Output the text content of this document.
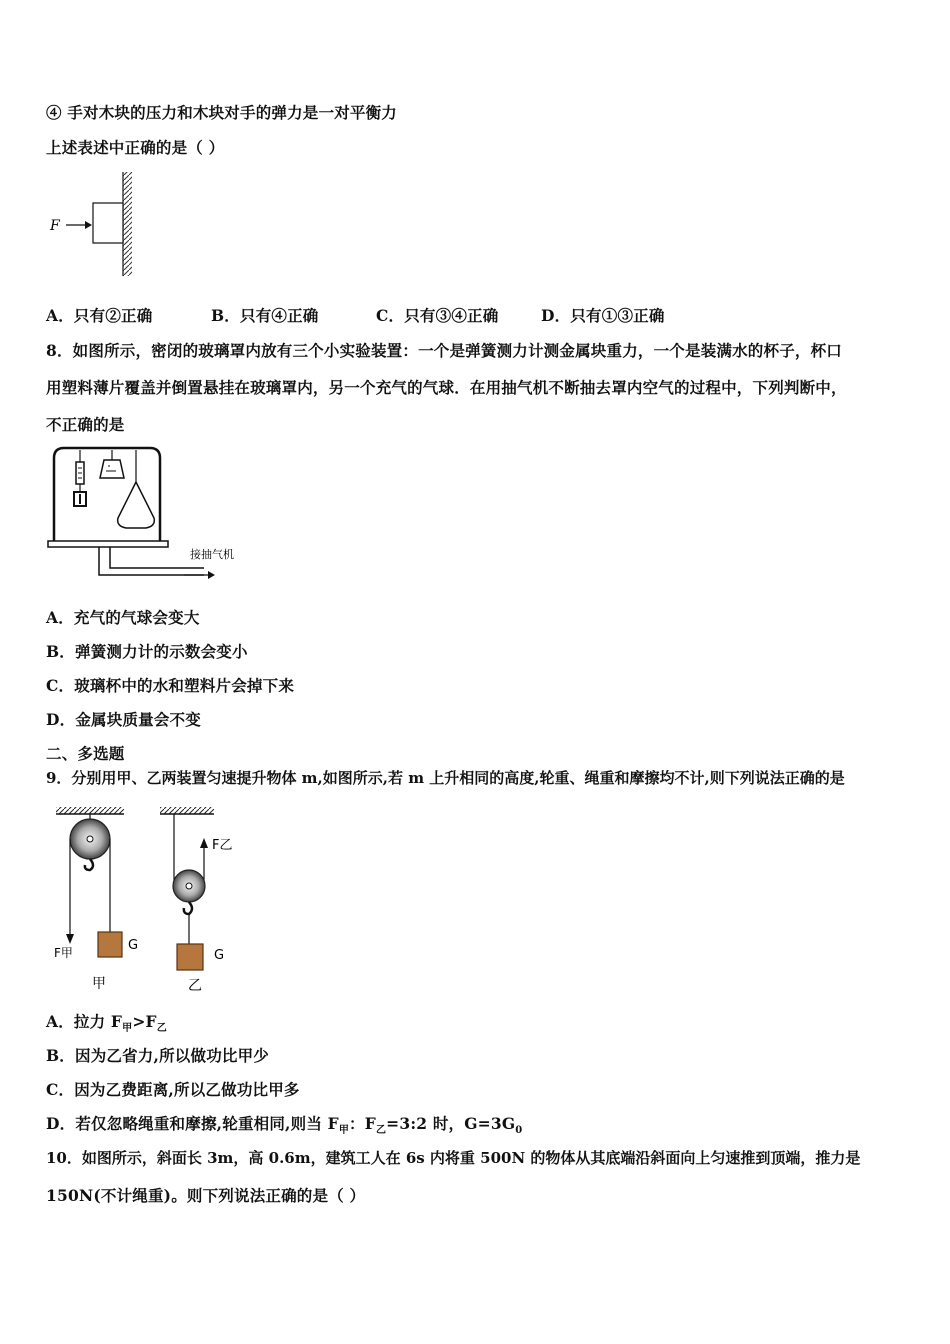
④ 手对木块的压力和木块对手的弹力是一对平衡力
上述表述中正确的是（ ）
F
A．只有②正确	B．只有④正确	C．只有③④正确	D．只有①③正确
8．如图所示，密闭的玻璃罩内放有三个小实验装置：一个是弹簧测力计测金属块重力，一个是装满水的杯子，杯口
用塑料薄片覆盖并倒置悬挂在玻璃罩内，另一个充气的气球．在用抽气机不断抽去罩内空气的过程中，下列判断中，
不正确的是
接抽气机
A．充气的气球会变大
B．弹簧测力计的示数会变小
C．玻璃杯中的水和塑料片会掉下来
D．金属块质量会不变
二、多选题
9．分别用甲、乙两装置匀速提升物体 m,如图所示,若 m 上升相同的高度,轮重、绳重和摩擦均不计,则下列说法正确的是
F甲	G
甲
F乙
G
乙
A．拉力 $F_甲>F_乙$
B．因为乙省力,所以做功比甲少
C．因为乙费距离,所以乙做功比甲多
D．若仅忽略绳重和摩擦,轮重相同,则当 $F_甲$：$F_乙=3:2$ 时，$G=3G_0$
10．如图所示，斜面长 3m，高 0.6m，建筑工人在 6s 内将重 500N 的物体从其底端沿斜面向上匀速推到顶端，推力是
150N(不计绳重)。则下列说法正确的是（ ）
